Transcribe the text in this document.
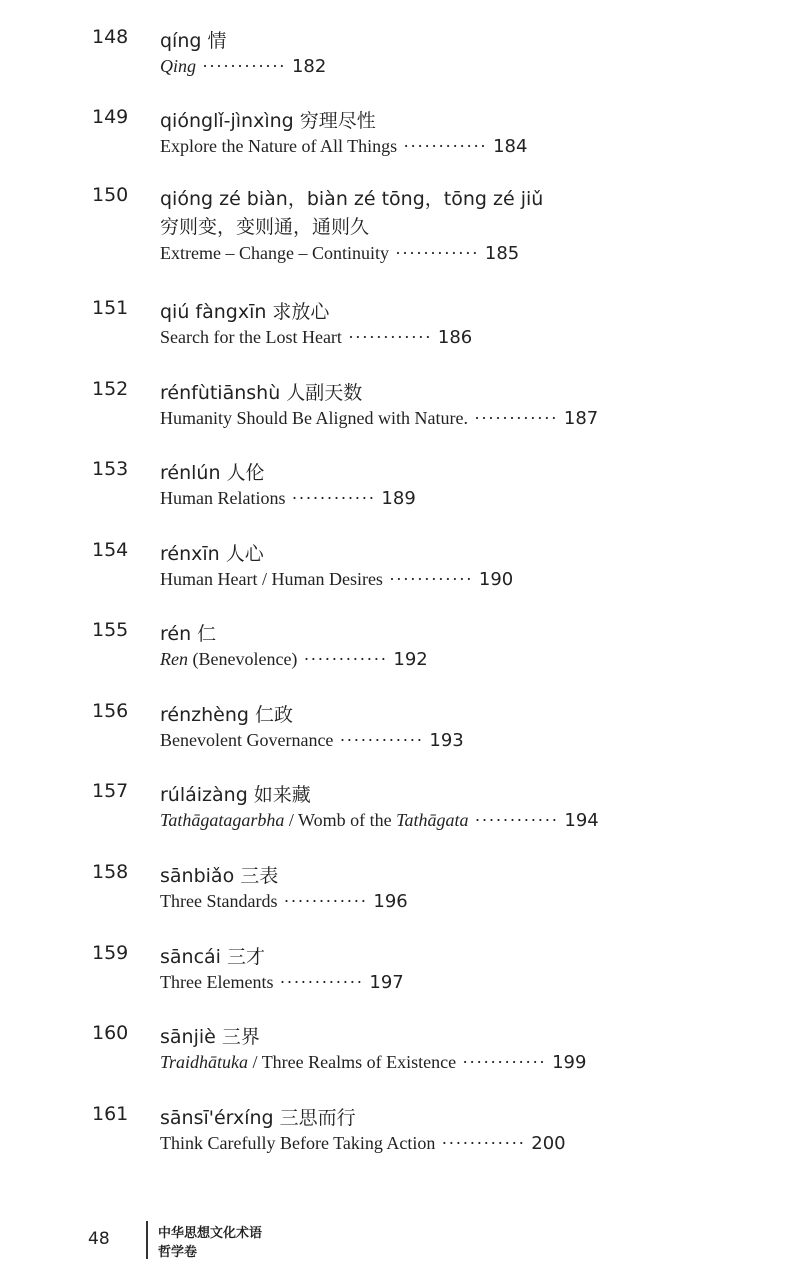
148 qíng 情
Qing ············ 182
149 qiónglǐ-jìnxìng 穷理尽性
Explore the Nature of All Things ············ 184
150 qióng zé biàn，biàn zé tōng，tōng zé jiǔ
穷则变，变则通，通则久
Extreme – Change – Continuity ············ 185
151 qiú fàngxīn 求放心
Search for the Lost Heart ············ 186
152 rénfùtiānshù 人副天数
Humanity Should Be Aligned with Nature. ············ 187
153 rénlún 人伦
Human Relations ············ 189
154 rénxīn 人心
Human Heart / Human Desires ············ 190
155 rén 仁
Ren (Benevolence) ············ 192
156 rénzhèng 仁政
Benevolent Governance ············ 193
157 rúláizàng 如来藏
Tathāgatagarbha / Womb of the Tathāgata ············ 194
158 sānbiǎo 三表
Three Standards ············ 196
159 sāncái 三才
Three Elements ············ 197
160 sānjiè 三界
Traidhātuka / Three Realms of Existence ············ 199
161 sānsī'érxíng 三思而行
Think Carefully Before Taking Action ············ 200
48	中华思想文化术语
哲学卷
